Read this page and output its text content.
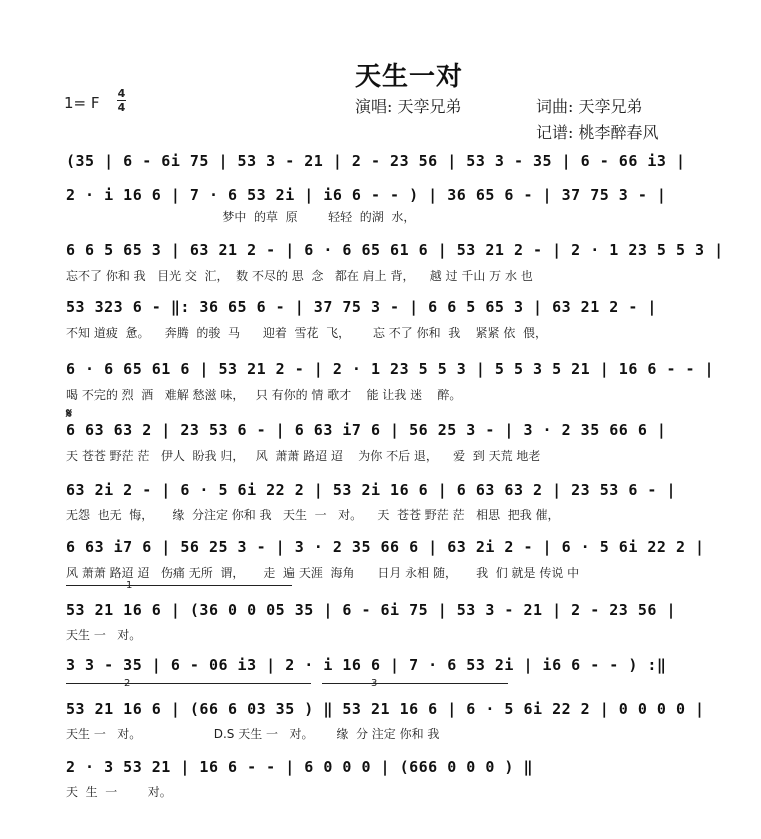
天生一对
1= F
4
4	演唱: 天孪兄弟	词曲: 天孪兄弟
记谱: 桃李醉春风
(35 | 6 - 6i 75 | 53 3 - 21 | 2 - 23 56 | 53 3 - 35 | 6 - 66 i3 |
2 · i 16 6 | 7 · 6 53 2i | i6 6 - - ) | 36 65 6 - | 37 75 3 - |
梦中  的草  原        轻轻  的湖  水，
6 6 5 65 3 | 63 21 2 - | 6 · 6 65 61 6 | 53 21 2 - | 2 · 1 23 5 5 3 |
忘不了 你和 我   目光 交  汇，  数 不尽的 思  念   都在 肩上 背，    越 过 千山 万 水 也
53 323 6 - ‖: 36 65 6 - | 37 75 3 - | 6 6 5 65 3 | 63 21 2 - |
不知 道疲  惫。    奔腾  的骏  马      迎着  雪花  飞，      忘 不了 你和  我    紧紧 依  偎，
6 · 6 65 61 6 | 53 21 2 - | 2 · 1 23 5 5 3 | 5 5 3 5 21 | 16 6 - - |
喝 不完的 烈  酒   难解 愁滋 味，   只 有你的 情 歌才    能 让我 迷    醉。
𝄋
6 63 63 2 | 23 53 6 - | 6 63 i7 6 | 56 25 3 - | 3 · 2 35 66 6 |
天 苍苍 野茫 茫   伊人  盼我 归，   风  萧萧 路迢 迢    为你 不后 退，    爱  到 天荒 地老
63 2i 2 - | 6 · 5 6i 22 2 | 53 2i 16 6 | 6 63 63 2 | 23 53 6 - |
无怨  也无  悔，     缘  分注定 你和 我   天生  一   对。    天  苍苍 野茫 茫   相思  把我 催，
6 63 i7 6 | 56 25 3 - | 3 · 2 35 66 6 | 63 2i 2 - | 6 · 5 6i 22 2 |
风 萧萧 路迢 迢   伤痛 无所  谓，     走  遍 天涯  海角      日月 永相 随，     我  们 就是 传说 中
53 21 16 6 | (36 0 0 05 35 | 6 - 6i 75 | 53 3 - 21 | 2 - 23 56 |
天生 一   对。
3 3 - 35 | 6 - 06 i3 | 2 · i 16 6 | 7 · 6 53 2i | i6 6 - - ) :‖
53 21 16 6 | (66 6 03 35 ) ‖ 53 21 16 6 | 6 · 5 6i 22 2 | 0 0 0 0 |
天生 一   对。                   D.S 天生 一   对。      缘  分 注定 你和 我
2 · 3 53 21 | 16 6 - - | 6 0 0 0 | (666 0 0 0 ) ‖
天  生  一        对。
